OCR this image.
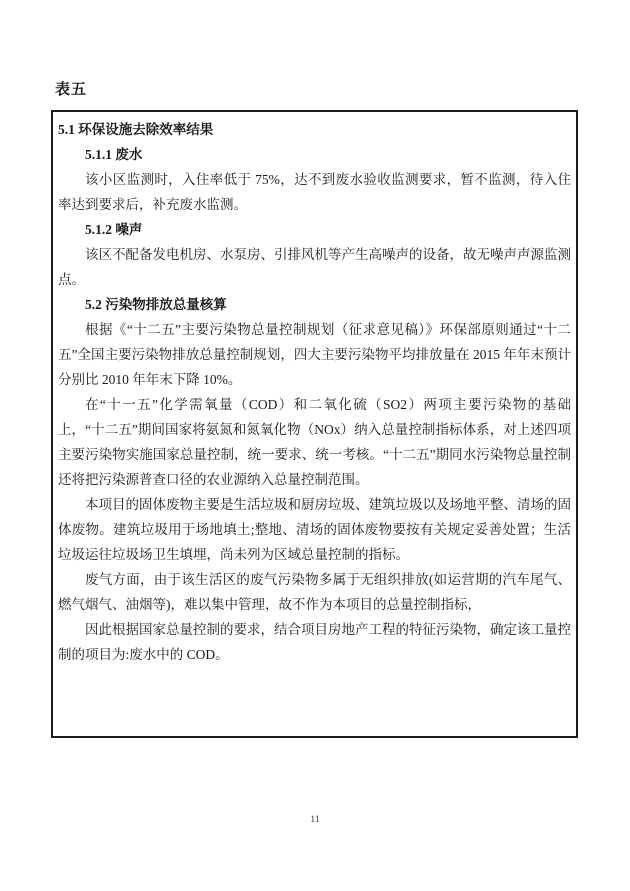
表五
5.1 环保设施去除效率结果
5.1.1 废水
该小区监测时，入住率低于 75%，达不到废水验收监测要求，暂不监测，待入住率达到要求后，补充废水监测。
5.1.2 噪声
该区不配备发电机房、水泵房、引排风机等产生高噪声的设备，故无噪声声源监测点。
5.2 污染物排放总量核算
根据《“十二五”主要污染物总量控制规划（征求意见稿）》环保部原则通过“十二五”全国主要污染物排放总量控制规划，四大主要污染物平均排放量在 2015 年年末预计分别比 2010 年年末下降 10%。
在“十一五”化学需氧量（COD）和二氧化硫（SO2）两项主要污染物的基础上，“十二五”期间国家将氨氮和氮氧化物（NOx）纳入总量控制指标体系，对上述四项主要污染物实施国家总量控制，统一要求、统一考核。“十二五”期同水污染物总量控制还将把污染源普查口径的农业源纳入总量控制范围。
本项目的固体废物主要是生活垃圾和厨房垃圾、建筑垃圾以及场地平整、清场的固体废物。建筑垃圾用于场地填土;整地、清场的固体废物要按有关规定妥善处置；生活垃圾运往垃圾场卫生填埋，尚未列为区域总量控制的指标。
废气方面，由于该生活区的废气污染物多属于无组织排放(如运营期的汽车尾气、燃气烟气、油烟等)，难以集中管理，故不作为本项目的总量控制指标，
因此根据国家总量控制的要求，结合项目房地产工程的特征污染物，确定该工量控制的项目为:废水中的 COD。
11
